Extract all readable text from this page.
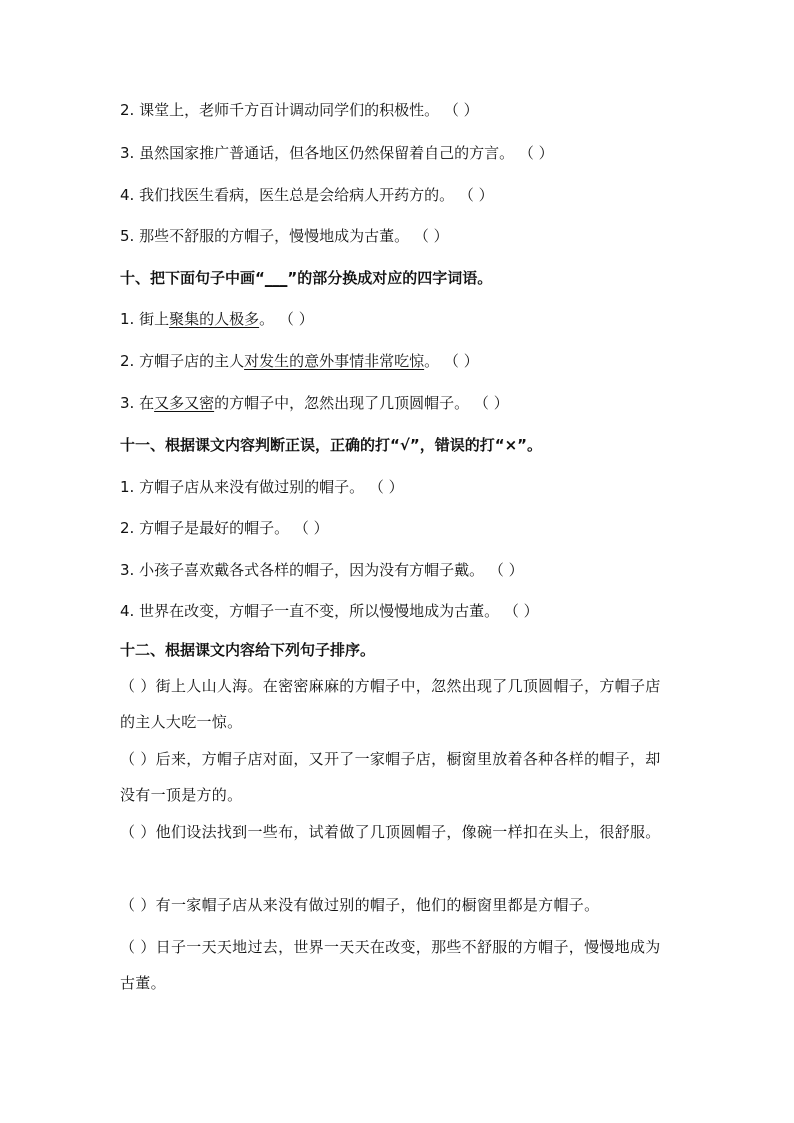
2. 课堂上，老师千方百计调动同学们的积极性。 （ ）
3. 虽然国家推广普通话，但各地区仍然保留着自己的方言。 （ ）
4. 我们找医生看病，医生总是会给病人开药方的。 （ ）
5. 那些不舒服的方帽子，慢慢地成为古董。 （ ）
十、把下面句子中画“___”的部分换成对应的四字词语。
1. 街上聚集的人极多。 （ ）
2. 方帽子店的主人对发生的意外事情非常吃惊。 （ ）
3. 在又多又密的方帽子中，忽然出现了几顶圆帽子。 （ ）
十一、根据课文内容判断正误，正确的打“√”，错误的打“×”。
1. 方帽子店从来没有做过别的帽子。 （ ）
2. 方帽子是最好的帽子。 （ ）
3. 小孩子喜欢戴各式各样的帽子，因为没有方帽子戴。 （ ）
4. 世界在改变，方帽子一直不变，所以慢慢地成为古董。 （ ）
十二、根据课文内容给下列句子排序。
（ ）街上人山人海。在密密麻麻的方帽子中，忽然出现了几顶圆帽子，方帽子店的主人大吃一惊。
（ ）后来，方帽子店对面，又开了一家帽子店，橱窗里放着各种各样的帽子，却没有一顶是方的。
（ ）他们设法找到一些布，试着做了几顶圆帽子，像碗一样扣在头上，很舒服。
（ ）有一家帽子店从来没有做过别的帽子，他们的橱窗里都是方帽子。
（ ）日子一天天地过去，世界一天天在改变，那些不舒服的方帽子，慢慢地成为古董。
